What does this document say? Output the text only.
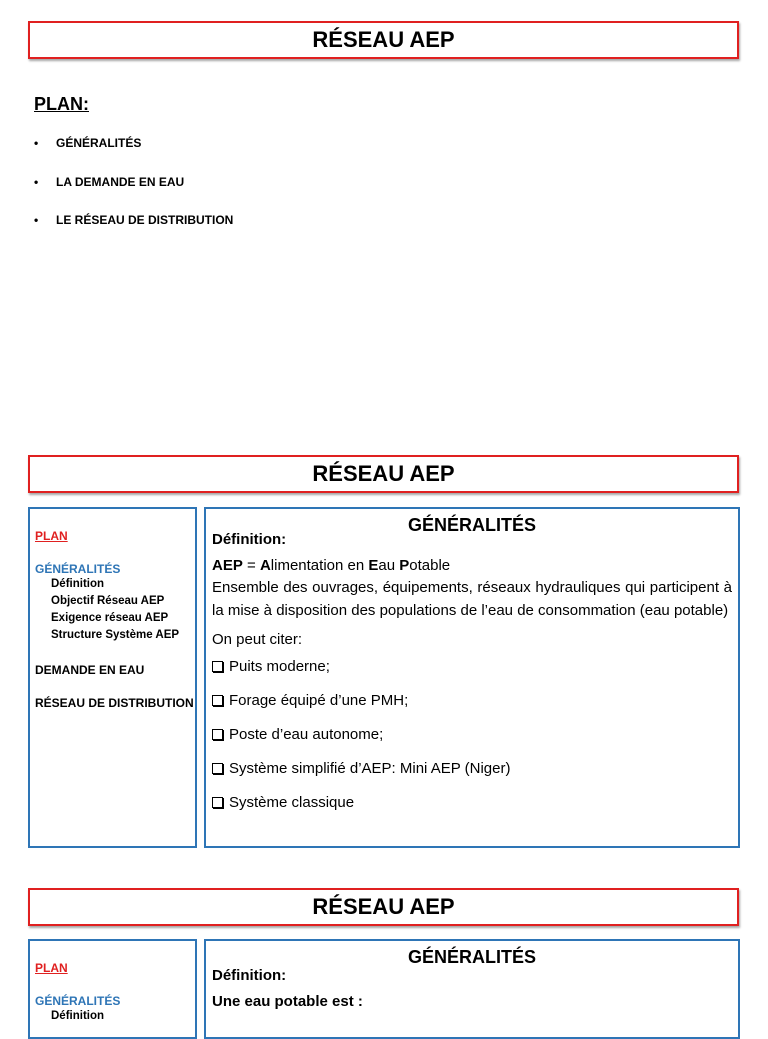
RÉSEAU AEP
PLAN:
•	GÉNÉRALITÉS
•	LA DEMANDE EN EAU
•	LE RÉSEAU DE DISTRIBUTION
RÉSEAU AEP
PLAN
GÉNÉRALITÉS
Définition
Objectif Réseau AEP
Exigence réseau AEP
Structure Système AEP
DEMANDE EN EAU
RÉSEAU DE DISTRIBUTION
GÉNÉRALITÉS
Définition:
AEP = Alimentation en Eau Potable
Ensemble des ouvrages, équipements, réseaux hydrauliques qui participent à la mise à disposition des populations de l’eau de consommation (eau potable)
On peut citer:
Puits moderne;
Forage équipé d’une PMH;
Poste d’eau autonome;
Système simplifié d’AEP: Mini AEP (Niger)
Système classique
RÉSEAU AEP
PLAN
GÉNÉRALITÉS
Définition
GÉNÉRALITÉS
Définition:
Une eau potable est :
